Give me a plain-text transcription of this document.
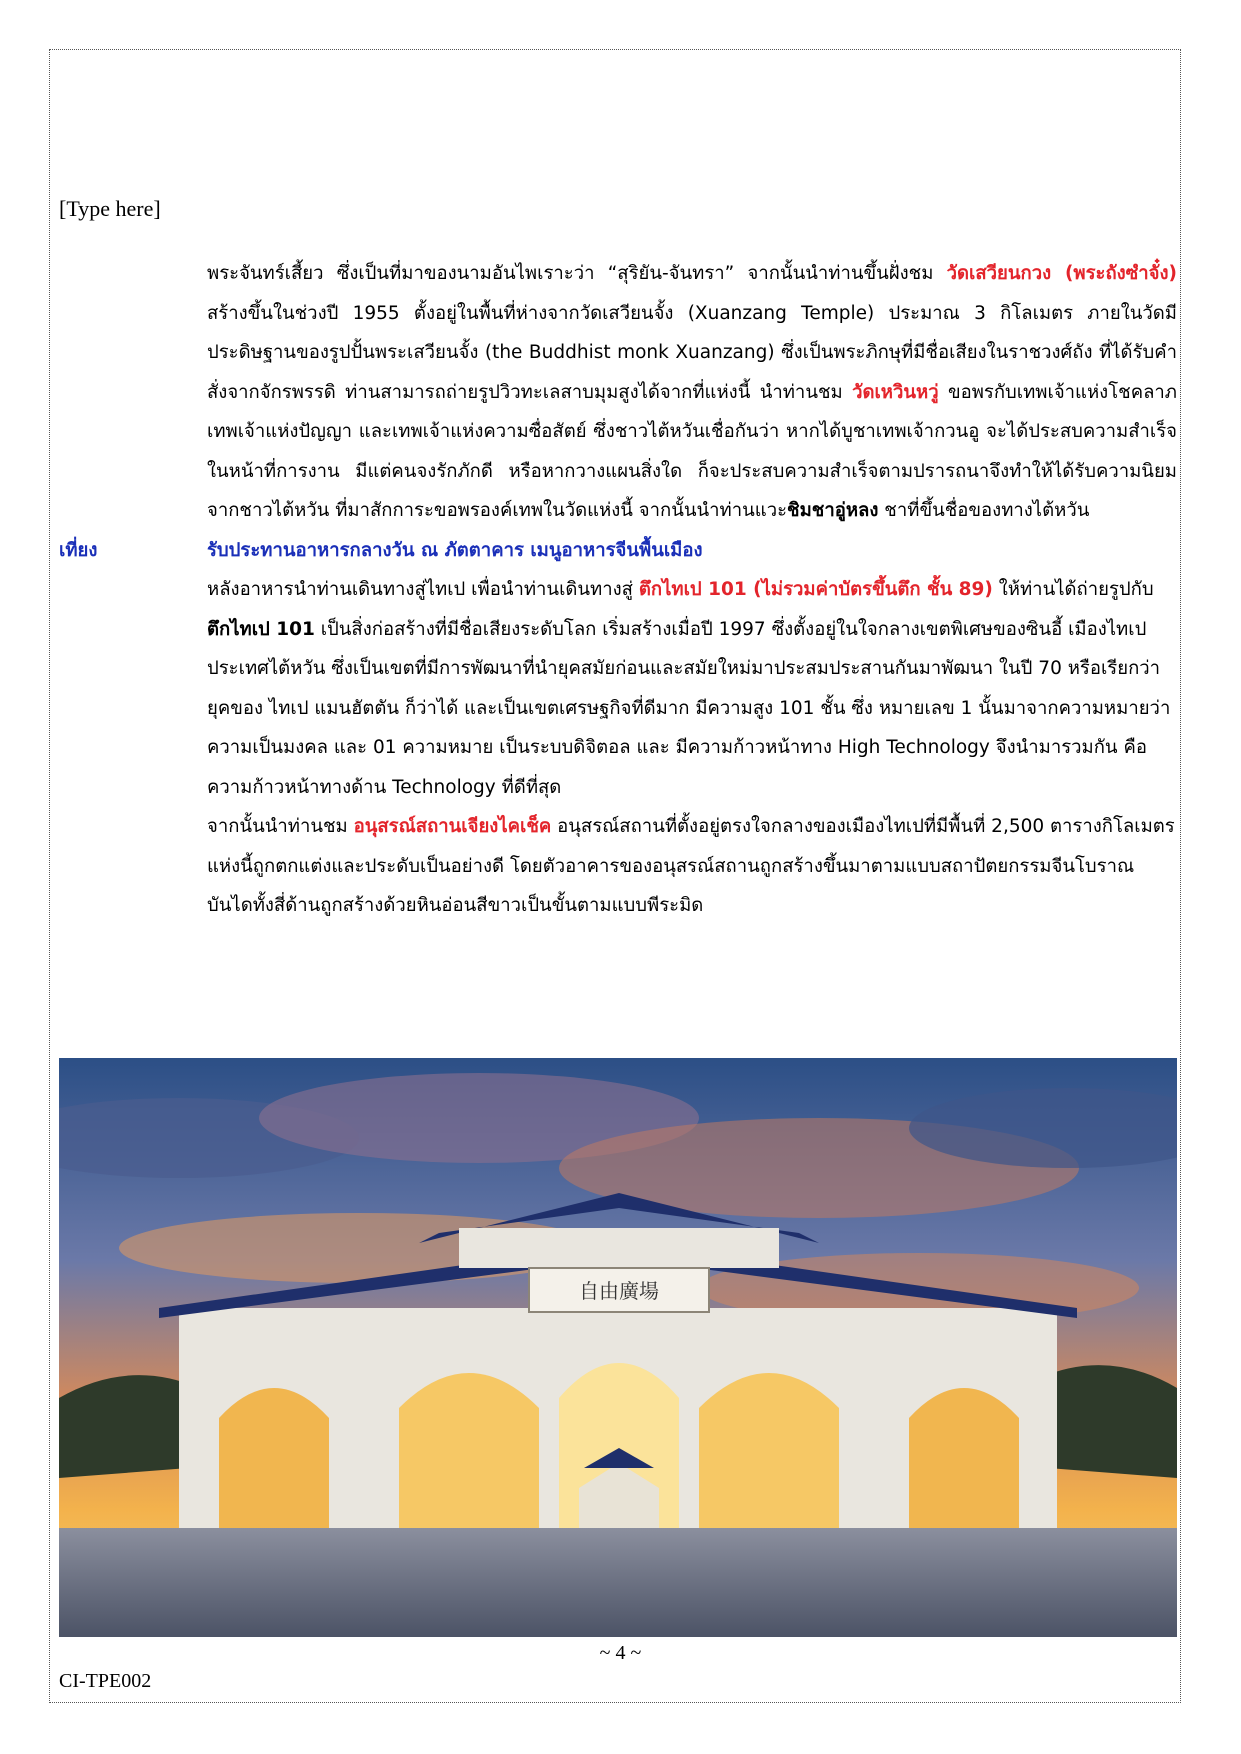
[Type here]

พระจันทร์เสี้ยว ซึ่งเป็นที่มาของนามอันไพเราะว่า “สุริยัน-จันทรา” จากนั้นนำท่านขึ้นฝั่งชม วัดเสวียนกวง (พระถังซำจั๋ง) สร้างขึ้นในช่วงปี 1955 ตั้งอยู่ในพื้นที่ห่างจากวัดเสวียนจั้ง (Xuanzang Temple) ประมาณ 3 กิโลเมตร ภายในวัดมีประดิษฐานของรูปปั้นพระเสวียนจั้ง (the Buddhist monk Xuanzang) ซึ่งเป็นพระภิกษุที่มีชื่อเสียงในราชวงศ์ถัง ที่ได้รับคำสั่งจากจักรพรรดิ ท่านสามารถถ่ายรูปวิวทะเลสาบมุมสูงได้จากที่แห่งนี้ นำท่านชม วัดเหวินหวู่ ขอพรกับเทพเจ้าแห่งโชคลาภ เทพเจ้าแห่งปัญญา และเทพเจ้าแห่งความซื่อสัตย์ ซึ่งชาวไต้หวันเชื่อกันว่า หากได้บูชาเทพเจ้ากวนอู จะได้ประสบความสำเร็จในหน้าที่การงาน มีแต่คนจงรักภักดี หรือหากวางแผนสิ่งใด ก็จะประสบความสำเร็จตามปรารถนาจึงทำให้ได้รับความนิยมจากชาวไต้หวัน ที่มาสักการะขอพรองค์เทพในวัดแห่งนี้ จากนั้นนำท่านแวะชิมชาอู่หลง ชาที่ขึ้นชื่อของทางไต้หวัน

เที่ยง	รับประทานอาหารกลางวัน ณ ภัตตาคาร เมนูอาหารจีนพื้นเมือง

หลังอาหารนำท่านเดินทางสู่ไทเป เพื่อนำท่านเดินทางสู่ ตึกไทเป 101 (ไม่รวมค่าบัตรขึ้นตึก ชั้น 89) ให้ท่านได้ถ่ายรูปกับ ตึกไทเป 101 เป็นสิ่งก่อสร้างที่มีชื่อเสียงระดับโลก เริ่มสร้างเมื่อปี 1997 ซึ่งตั้งอยู่ในใจกลางเขตพิเศษของซินอี้ เมืองไทเป ประเทศไต้หวัน ซึ่งเป็นเขตที่มีการพัฒนาที่นำยุคสมัยก่อนและสมัยใหม่มาประสมประสานกันมาพัฒนา ในปี 70 หรือเรียกว่า ยุคของ ไทเป แมนฮัตตัน ก็ว่าได้ และเป็นเขตเศรษฐกิจที่ดีมาก มีความสูง 101 ชั้น ซึ่ง หมายเลข 1 นั้นมาจากความหมายว่า ความเป็นมงคล และ 01 ความหมาย เป็นระบบดิจิตอล และ มีความก้าวหน้าทาง High Technology จึงนำมารวมกัน คือ ความก้าวหน้าทางด้าน Technology ที่ดีที่สุด

จากนั้นนำท่านชม อนุสรณ์สถานเจียงไคเช็ค อนุสรณ์สถานที่ตั้งอยู่ตรงใจกลางของเมืองไทเปที่มีพื้นที่ 2,500 ตารางกิโลเมตรแห่งนี้ถูกตกแต่งและประดับเป็นอย่างดี โดยตัวอาคารของอนุสรณ์สถานถูกสร้างขึ้นมาตามแบบสถาปัตยกรรมจีนโบราณ บันไดทั้งสี่ด้านถูกสร้างด้วยหินอ่อนสีขาวเป็นขั้นตามแบบพีระมิด

自由廣場
~ 4 ~
CI-TPE002
